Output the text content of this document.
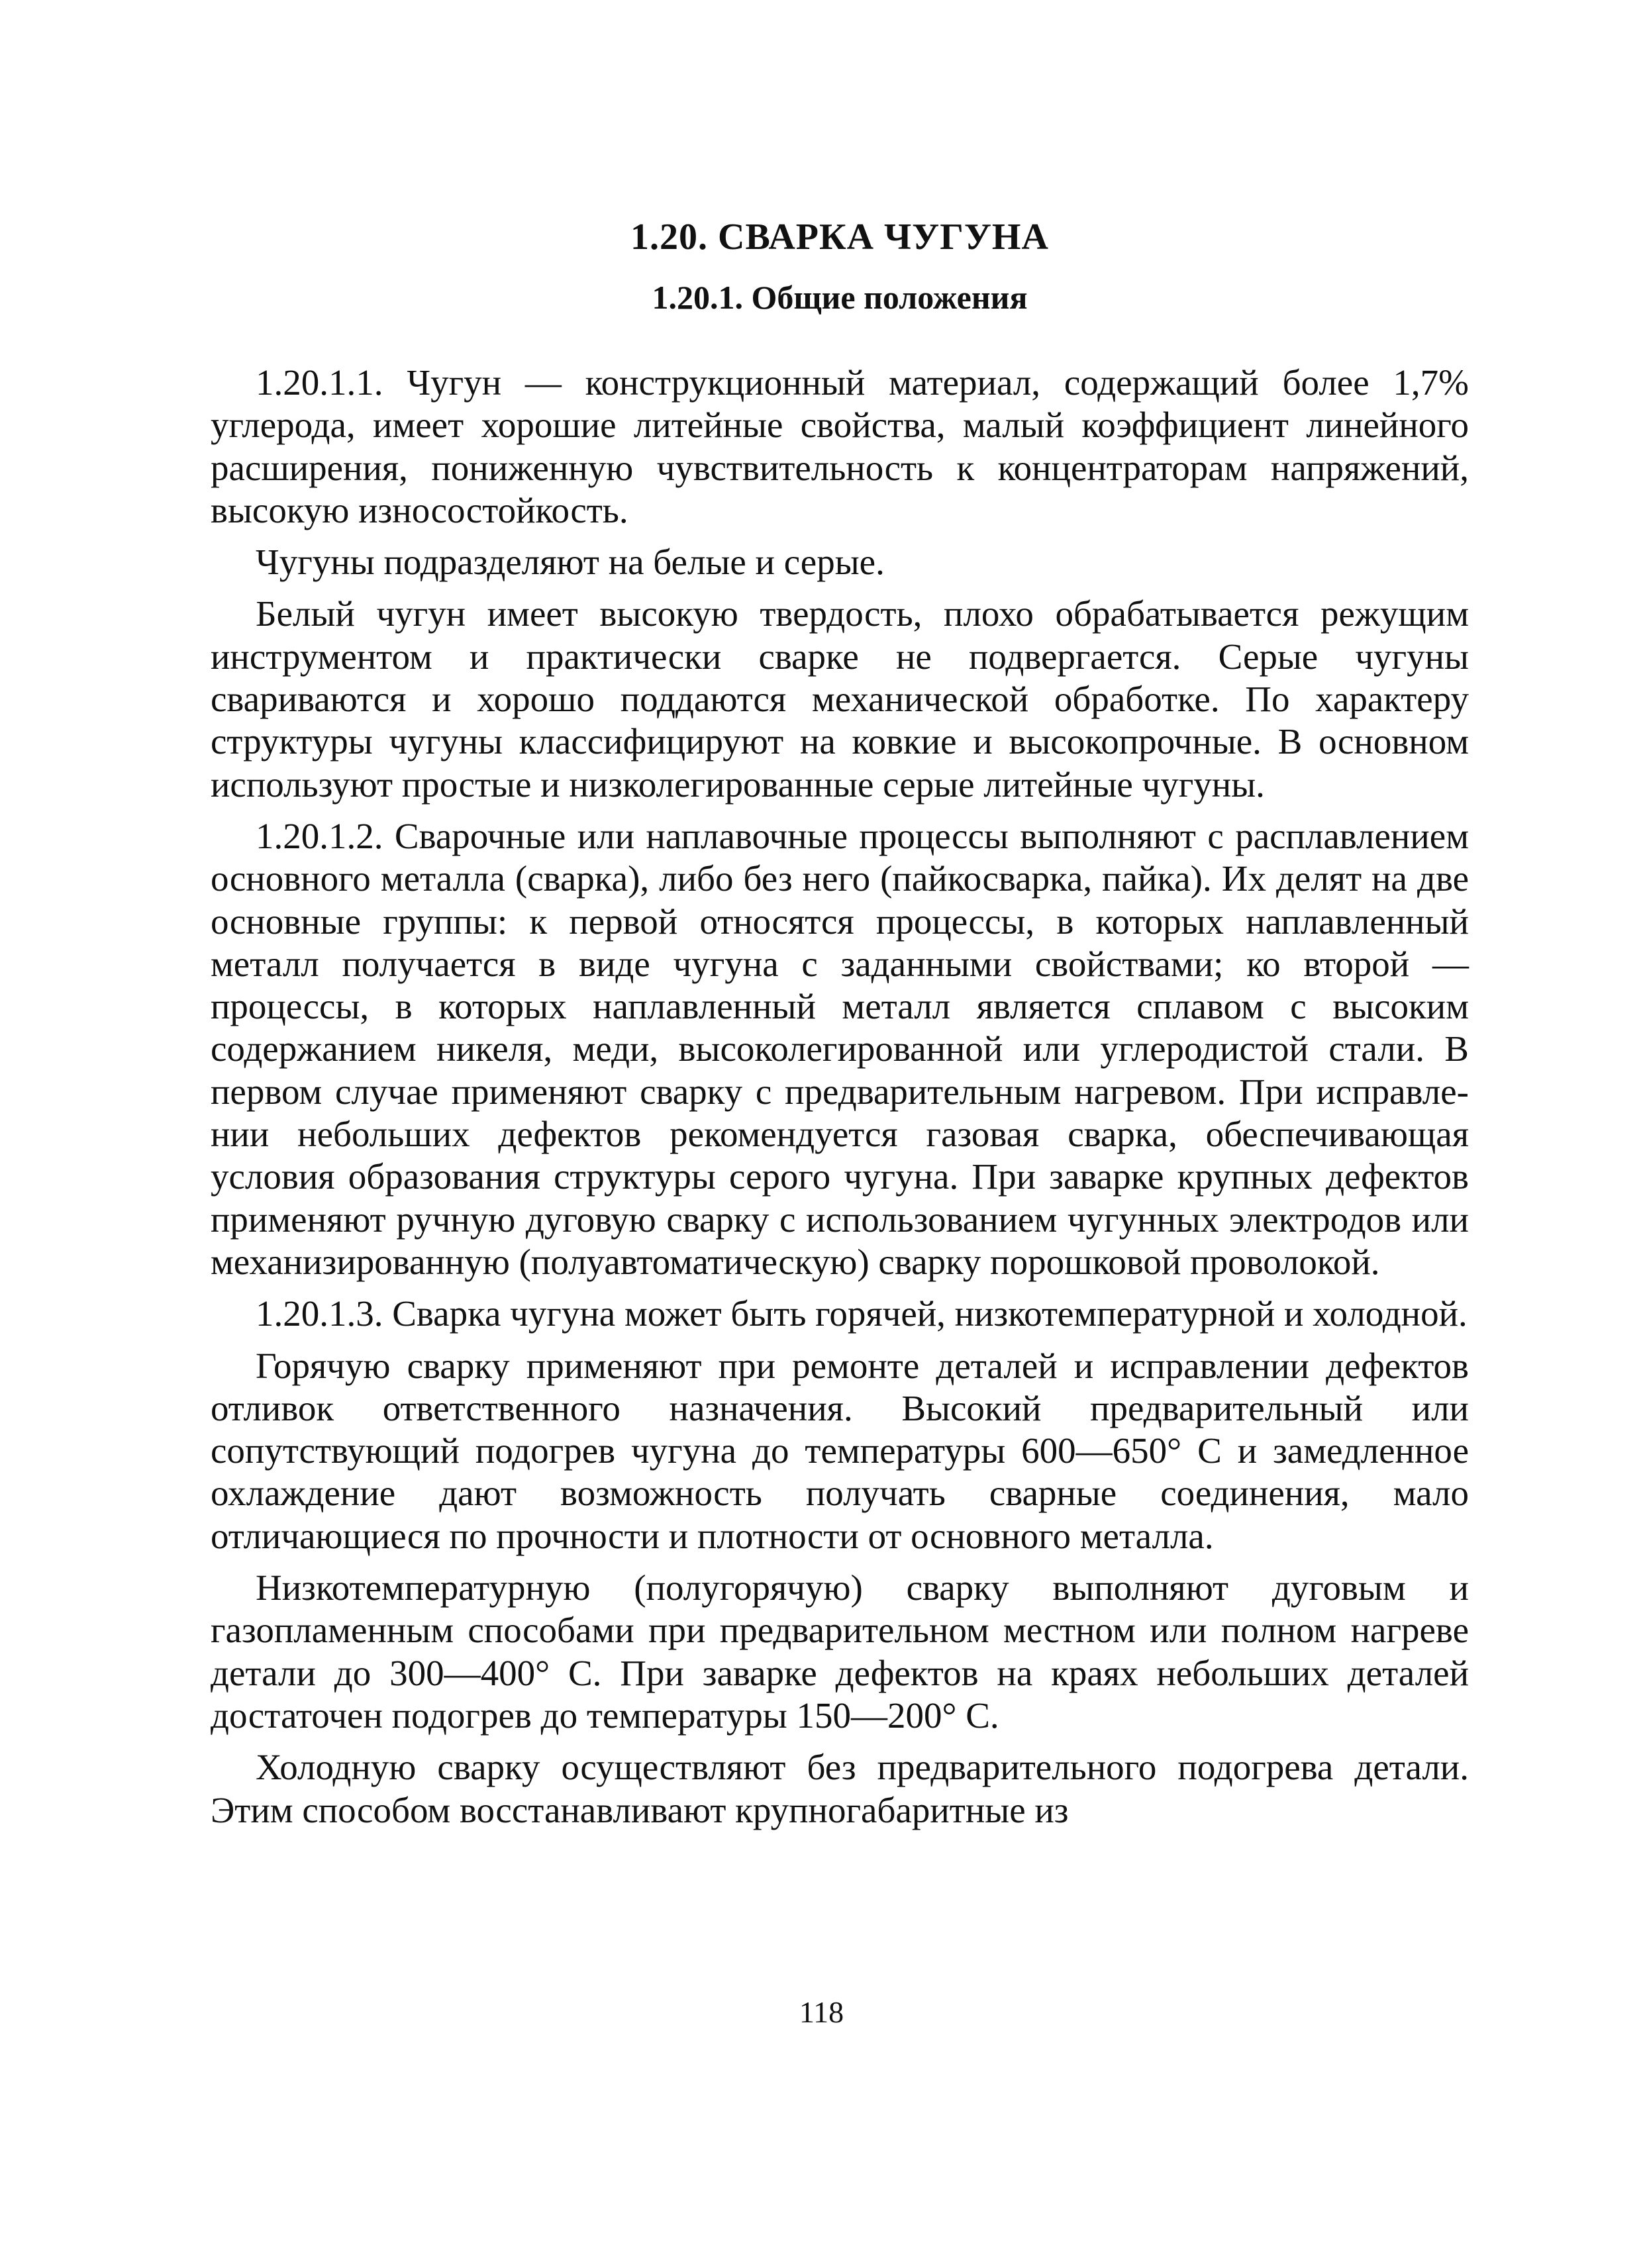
1.20. СВАРКА ЧУГУНА
1.20.1. Общие положения

1.20.1.1. Чугун — конструкционный материал, содержащий более 1,7% углерода, имеет хорошие литейные свойства, малый коэффициент линейного расширения, пониженную чувствительность к концентраторам напряжений, высокую износостойкость.

Чугуны подразделяют на белые и серые.

Белый чугун имеет высокую твердость, плохо обрабатывается режущим инструментом и практически сварке не подвергается. Серые чугуны свариваются и хорошо поддаются механической обработке. По характеру структуры чугуны классифицируют на ковкие и высокопрочные. В основном используют простые и низколегированные серые литейные чугуны.

1.20.1.2. Сварочные или наплавочные процессы выполняют с расплавлением основного металла (сварка), либо без него (пайкосварка, пайка). Их делят на две основные группы: к первой относятся процессы, в которых наплавленный металл получается в виде чугуна с заданными свойствами; ко второй — процессы, в которых наплавленный металл является сплавом с высоким содержанием никеля, меди, высоколегированной или углеродистой стали. В первом случае применяют сварку с предварительным нагревом. При исправлении небольших дефектов рекомендуется газовая сварка, обеспечивающая условия образования структуры серого чугуна. При заварке крупных дефектов применяют ручную дуговую сварку с использованием чугунных электродов или механизированную (полуавтоматическую) сварку порошковой проволокой.

1.20.1.3. Сварка чугуна может быть горячей, низкотемпературной и холодной.

Горячую сварку применяют при ремонте деталей и исправлении дефектов отливок ответственного назначения. Высокий предварительный или сопутствующий подогрев чугуна до температуры 600—650° С и замедленное охлаждение дают возможность получать сварные соединения, мало отличающиеся по прочности и плотности от основного металла.

Низкотемпературную (полугорячую) сварку выполняют дуговым и газопламенным способами при предварительном местном или полном нагреве детали до 300—400° С. При заварке дефектов на краях небольших деталей достаточен подогрев до температуры 150—200° С.

Холодную сварку осуществляют без предварительного подогрева детали. Этим способом восстанавливают крупногабаритные из

118
